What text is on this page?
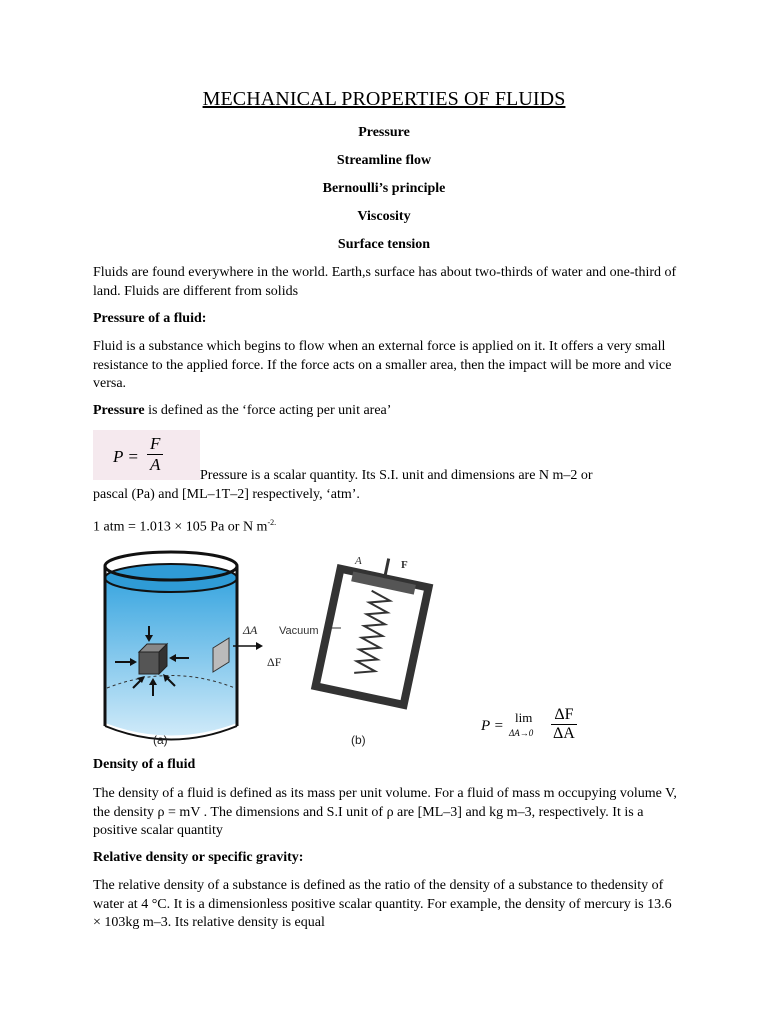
MECHANICAL PROPERTIES OF FLUIDS
Pressure
Streamline flow
Bernoulli’s principle
Viscosity
Surface tension
Fluids are found everywhere in the world. Earth,s surface has about two-thirds of water and one-third of land. Fluids are different from solids
Pressure of a fluid:
Fluid is a substance which begins to flow when an external force is applied on it. It offers a very small resistance to the applied force. If the force acts on a smaller area, then the impact will be more and vice versa.
Pressure is defined as the ‘force acting per unit area’
$P = \frac{F}{A}$
Pressure is a scalar quantity. Its S.I. unit and dimensions are N m–2 or
pascal (Pa) and [ML–1T–2] respectively, ‘atm’.
1 atm = 1.013 × 105 Pa or N $m^{-2.}$
(a)
ΔA
ΔF
Vacuum
A	F
(b)
P =
lim
$\Delta A\to 0 \frac{\Delta F}{\Delta A}$
Density of a fluid
The density of a fluid is defined as its mass per unit volume. For a fluid of mass m occupying volume V, the density ρ = mV . The dimensions and S.I unit of ρ are [ML–3] and kg m–3, respectively. It is a positive scalar quantity
Relative density or specific gravity:
The relative density of a substance is defined as the ratio of the density of a substance to thedensity of water at 4 °C. It is a dimensionless positive scalar quantity. For example, the density of mercury is 13.6 × 103kg m–3. Its relative density is equal
